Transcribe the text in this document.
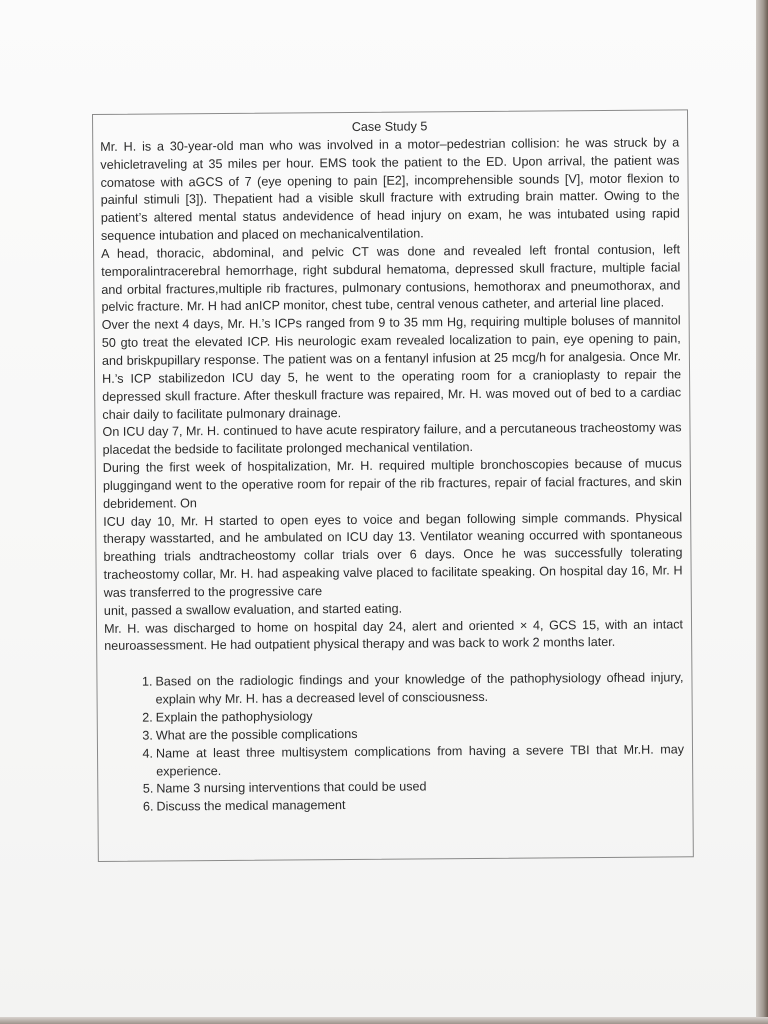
Case Study 5

Mr. H. is a 30-year-old man who was involved in a motor–pedestrian collision: he was struck by a vehicletraveling at 35 miles per hour. EMS took the patient to the ED. Upon arrival, the patient was comatose with aGCS of 7 (eye opening to pain [E2], incomprehensible sounds [V], motor flexion to painful stimuli [3]). Thepatient had a visible skull fracture with extruding brain matter. Owing to the patient’s altered mental status andevidence of head injury on exam, he was intubated using rapid sequence intubation and placed on mechanicalventilation.

A head, thoracic, abdominal, and pelvic CT was done and revealed left frontal contusion, left temporalintracerebral hemorrhage, right subdural hematoma, depressed skull fracture, multiple facial and orbital fractures,multiple rib fractures, pulmonary contusions, hemothorax and pneumothorax, and pelvic fracture. Mr. H had anICP monitor, chest tube, central venous catheter, and arterial line placed.

Over the next 4 days, Mr. H.’s ICPs ranged from 9 to 35 mm Hg, requiring multiple boluses of mannitol 50 gto treat the elevated ICP. His neurologic exam revealed localization to pain, eye opening to pain, and briskpupillary response. The patient was on a fentanyl infusion at 25 mcg/h for analgesia. Once Mr. H.’s ICP stabilizedon ICU day 5, he went to the operating room for a cranioplasty to repair the depressed skull fracture. After theskull fracture was repaired, Mr. H. was moved out of bed to a cardiac chair daily to facilitate pulmonary drainage.

On ICU day 7, Mr. H. continued to have acute respiratory failure, and a percutaneous tracheostomy was placedat the bedside to facilitate prolonged mechanical ventilation.

During the first week of hospitalization, Mr. H. required multiple bronchoscopies because of mucus pluggingand went to the operative room for repair of the rib fractures, repair of facial fractures, and skin debridement. On

ICU day 10, Mr. H started to open eyes to voice and began following simple commands. Physical therapy wasstarted, and he ambulated on ICU day 13. Ventilator weaning occurred with spontaneous breathing trials andtracheostomy collar trials over 6 days. Once he was successfully tolerating tracheostomy collar, Mr. H. had aspeaking valve placed to facilitate speaking. On hospital day 16, Mr. H was transferred to the progressive care

unit, passed a swallow evaluation, and started eating.

Mr. H. was discharged to home on hospital day 24, alert and oriented × 4, GCS 15, with an intact neuroassessment. He had outpatient physical therapy and was back to work 2 months later.

1. Based on the radiologic findings and your knowledge of the pathophysiology ofhead injury, explain why Mr. H. has a decreased level of consciousness.
2. Explain the pathophysiology
3. What are the possible complications
4. Name at least three multisystem complications from having a severe TBI that Mr.H. may experience.
5. Name 3 nursing interventions that could be used
6. Discuss the medical management
